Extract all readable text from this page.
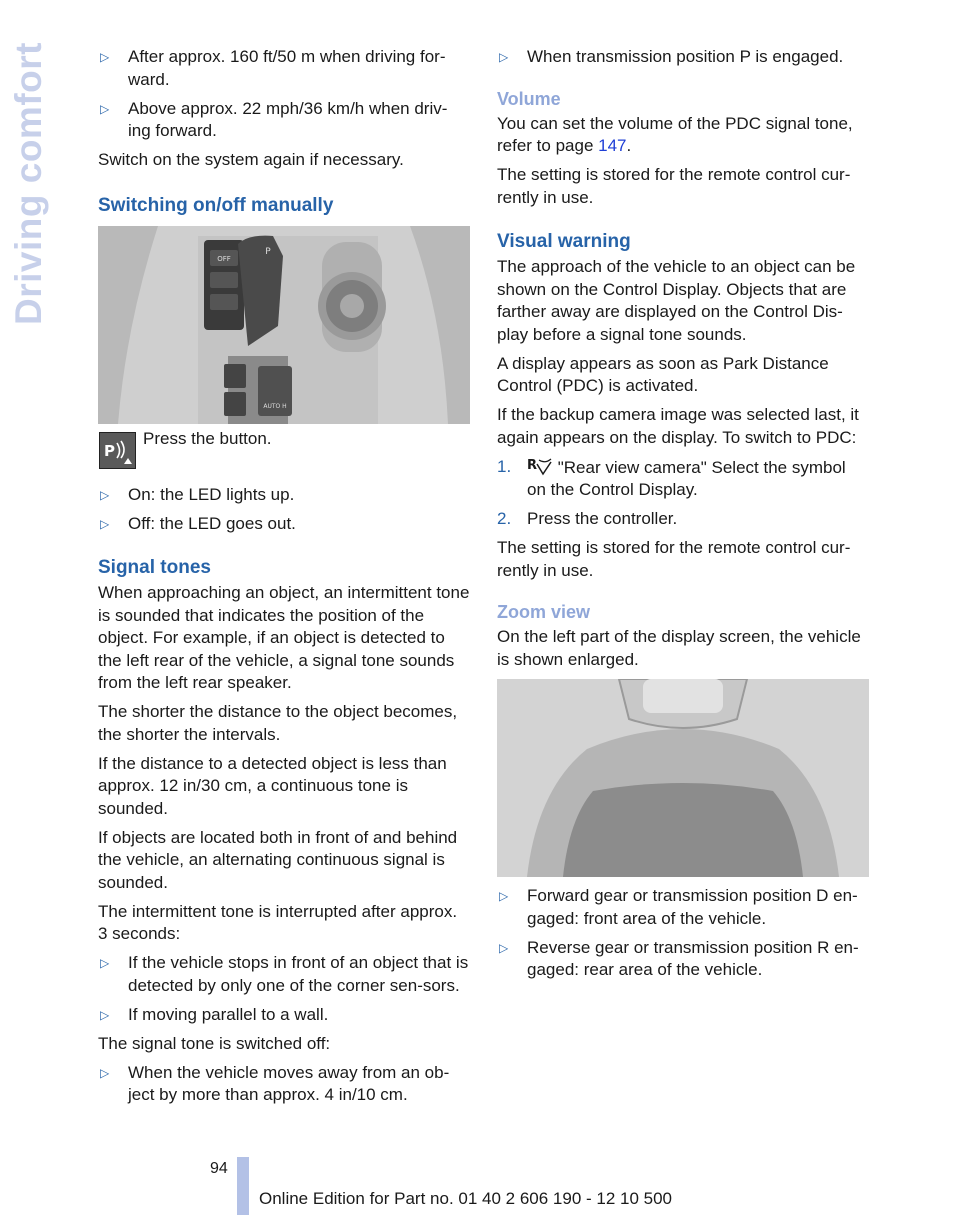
Driving comfort	▷ After approx. 160 ft/50 m when driving for-ward.
▷ Above approx. 22 mph/36 km/h when driv-ing forward.

Switch on the system again if necessary.

Switching on/off manually
OFF
P
AUTO H
P
Press the button.
▷ On: the LED lights up.
▷ Off: the LED goes out.
Signal tones

When approaching an object, an intermittent tone is sounded that indicates the position of the object. For example, if an object is detected to the left rear of the vehicle, a signal tone sounds from the left rear speaker.

The shorter the distance to the object becomes, the shorter the intervals.

If the distance to a detected object is less than approx. 12 in/30 cm, a continuous tone is sounded.

If objects are located both in front of and behind the vehicle, an alternating continuous signal is sounded.

The intermittent tone is interrupted after approx. 3 seconds:

▷ If the vehicle stops in front of an object that is detected by only one of the corner sen-sors.
▷ If moving parallel to a wall.

The signal tone is switched off:

▷ When the vehicle moves away from an ob-ject by more than approx. 4 in/10 cm.
▷ When transmission position P is engaged.
Volume

You can set the volume of the PDC signal tone, refer to page 147.

The setting is stored for the remote control cur-rently in use.

Visual warning

The approach of the vehicle to an object can be shown on the Control Display. Objects that are farther away are displayed on the Control Dis-play before a signal tone sounds.

A display appears as soon as Park Distance Control (PDC) is activated.

If the backup camera image was selected last, it again appears on the display. To switch to PDC:

1. R "Rear view camera" Select the symbol on the Control Display.
2. Press the controller.

The setting is stored for the remote control cur-rently in use.

Zoom view

On the left part of the display screen, the vehicle is shown enlarged.

▷ Forward gear or transmission position D en-gaged: front area of the vehicle.
▷ Reverse gear or transmission position R en-gaged: rear area of the vehicle.
94
Online Edition for Part no. 01 40 2 606 190 - 12 10 500
